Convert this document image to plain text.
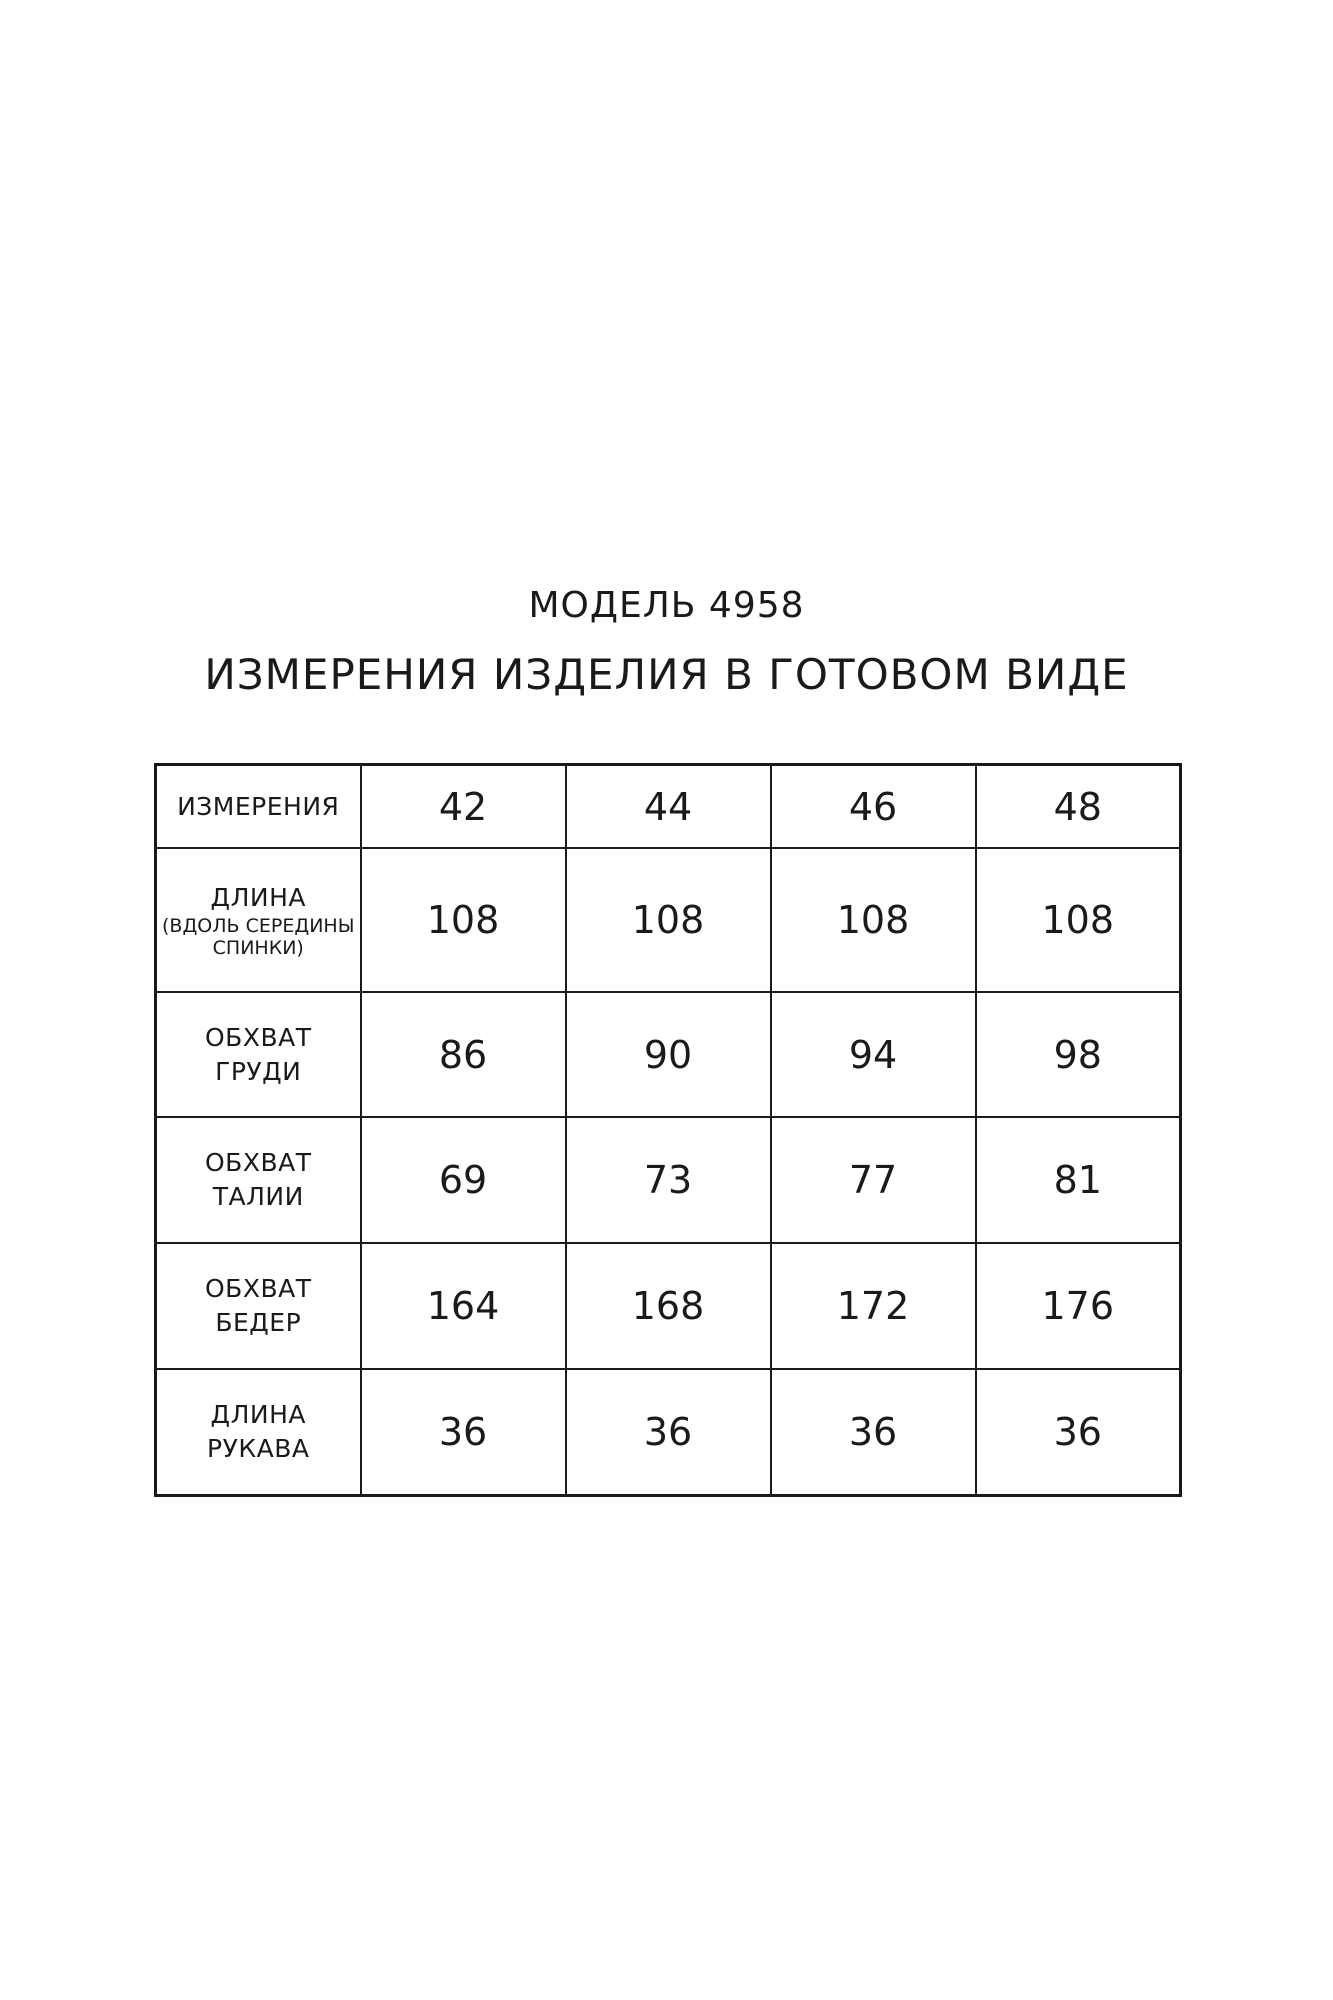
МОДЕЛЬ 4958
ИЗМЕРЕНИЯ ИЗДЕЛИЯ В ГОТОВОМ ВИДЕ
ИЗМЕРЕНИЯ	42	44	46	48

ДЛИНА
(ВДОЛЬ СЕРЕДИНЫ СПИНКИ)	108	108	108	108

ОБХВАТ
ГРУДИ	86	90	94	98

ОБХВАТ
ТАЛИИ	69	73	77	81

ОБХВАТ
БЕДЕР	164	168	172	176

ДЛИНА
РУКАВА	36	36	36	36
